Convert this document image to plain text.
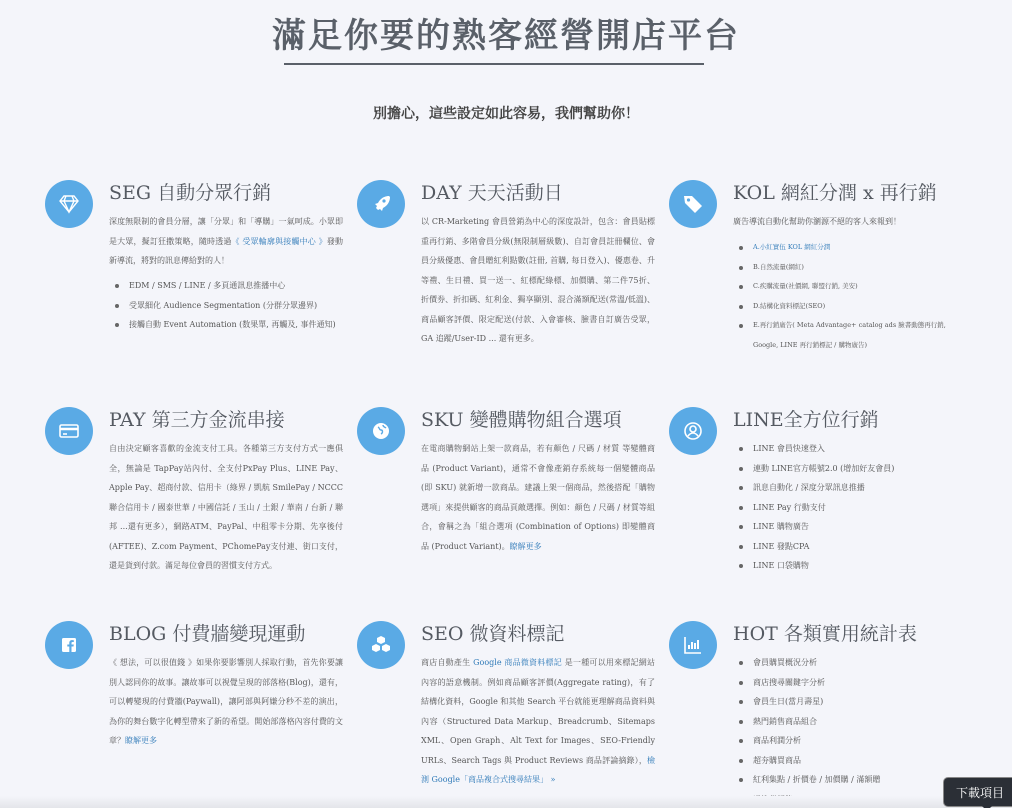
滿足你要的熟客經營開店平台
別擔心，這些設定如此容易，我們幫助你！
SEG 自動分眾行銷
深度無限制的會員分層，讓「分眾」和「導購」一氣呵成。小眾即是大眾，擬訂狂撒策略，隨時透過《 受眾輪廓與接觸中心 》發動新導流，將對的訊息傳給對的人！
EDM / SMS / LINE / 多頁通訊息推播中心
受眾細化 Audience Segmentation (分群分眾邊界)
接觸自動 Event Automation (数果單, 再觸及, 事件通知)
DAY 天天活動日
以 CR-Marketing 會員營銷為中心的深度設計，包含：會員貼標重再行銷、多階會員分級(無限制層級數)、自訂會員註冊欄位、會員分級優惠、會員贈紅利點數(註冊, 首購, 每日登入)、優惠卷、升等禮、生日禮、買一送一、紅標配綠標、加價購、第二件75折、折價券、折扣碼、紅利金、獨享顯別、混合滿額配送(常溫/低溫)、商品顧客評價、限定配送(付款、入會審核、臉書自訂廣告受眾，GA 追蹤/User-ID ... 還有更多。
KOL 網紅分潤 x 再行銷
廣告導流自動化幫助你瀏源不絕的客人來報到！
A.小紅實伍 KOL 網紅分潤
B.自然流量(網紅)
C.疾購流量(社價網, 聯盟行銷, 美安)
D.結構化資料標記(SEO)
E.再行銷廣告( Meta Advantage+ catalog ads 臉書動態再行銷, Google, LINE 再行銷標記 / 購物廣告)
PAY 第三方金流串接
自由決定顧客喜歡的金流支付工具。各種第三方支付方式一應俱全，無論是 TapPay站內付、全支付PxPay Plus、LINE Pay、Apple Pay、超商付款、信用卡（綠界 / 凱航 SmilePay / NCCC聯合信用卡 / 國泰世華 / 中國信託 / 玉山 / 土銀 / 華南 / 台新 / 聯邦 ...還有更多），網路ATM、PayPal、中租零卡分期、先享後付(AFTEE)、Z.com Payment、PChomePay支付連、街口支付，還是貨到付款。滿足每位會員的習慣支付方式。
SKU 變體購物組合選項
在電商購物網站上架一款商品，若有顏色 / 尺碼 / 材質 等變體商品 (Product Variant)，通常不會像產銷存系統每一個變體商品 (即 SKU) 就新增一款商品。建議上架一個商品，然後搭配「購物選項」來提供顧客的商品頁敵選擇。例如：顏色 / 尺碼 / 材質等組合，會稱之為「組合選項 (Combination of Options) 即變體商品 (Product Variant)。瞭解更多
LINE全方位行銷
LINE 會員快速登入
連動 LINE官方帳號2.0 (增加好友會員)
訊息自動化 / 深度分眾訊息推播
LINE Pay 行動支付
LINE 購物廣告
LINE 發點CPA
LINE 口袋購物
BLOG 付費牆變現運動
《 想法，可以很值錢 》如果你要影響別人採取行動，首先你要讓別人認同你的故事。讓故事可以視覺呈現的部落格(Blog)，還有，可以轉變現的付費牆(Paywall)，讓阿部與阿嫌分秒不差的演出，為你的舞台數字化轉型帶來了新的希望。開始部落格內容付費的文章？瞭解更多
SEO 微資料標記
商店自動產生 Google 商品微資料標記 是一種可以用來標記網站內容的語意機制。例如商品顧客評價(Aggregate rating)，有了結構化資料，Google 和其他 Search 平台就能更理解商品資料與內容（Structured Data Markup、Breadcrumb、Sitemaps XML、Open Graph、Alt Text for Images、SEO-Friendly URLs、Search Tags 與 Product Reviews 商品評論摘錄），檢測 Google「商品複合式搜尋結果」 »
HOT 各類實用統計表
會員購買概況分析
商店搜尋關鍵字分析
會員生日(當月壽星)
熱門銷售商品組合
商品利潤分析
超夯購買商品
紅利集點 / 折價卷 / 加價購 / 滿額贈
下載項目
